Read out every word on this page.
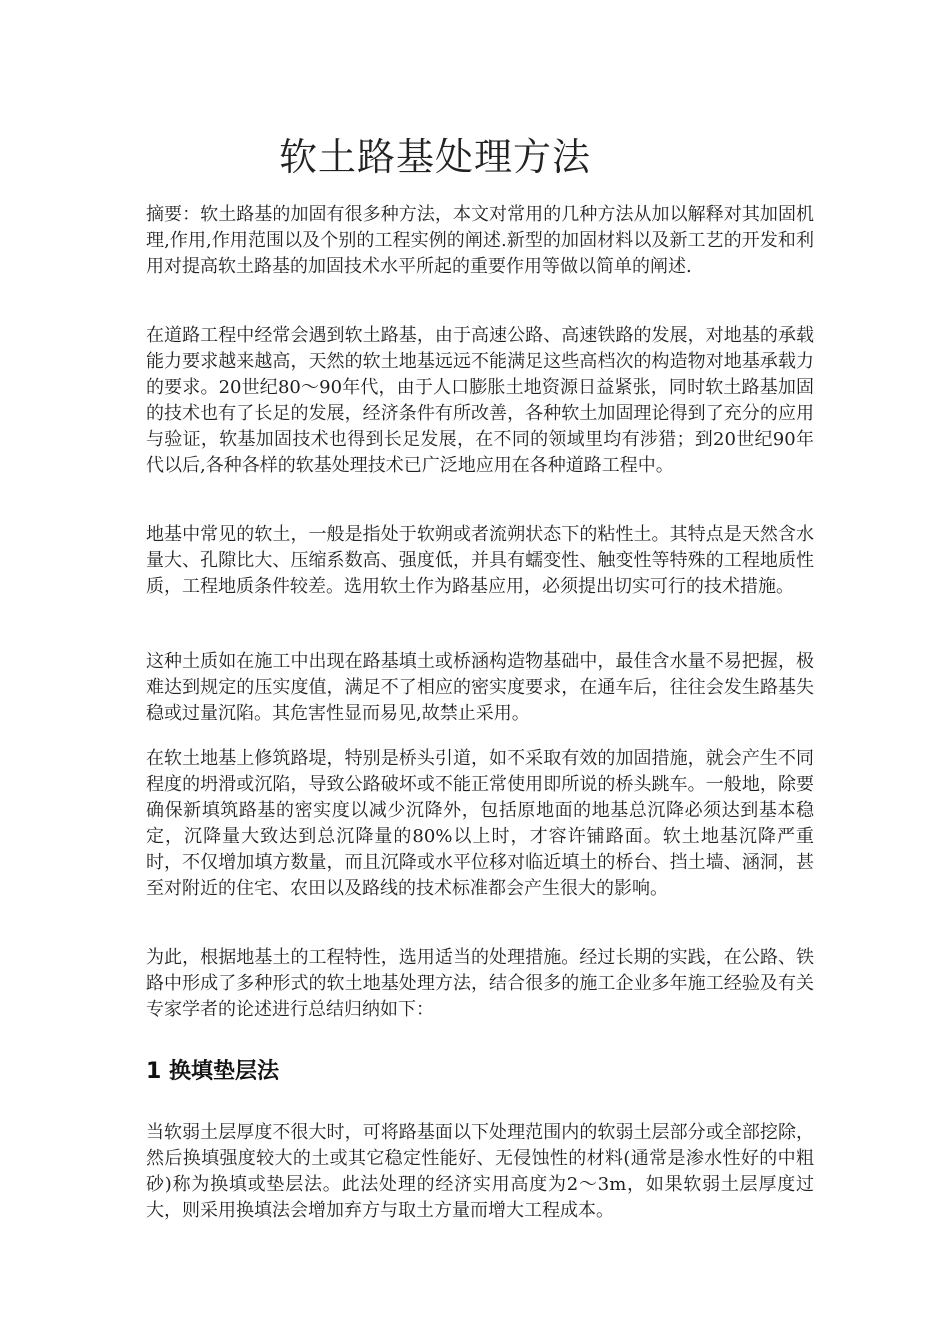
软土路基处理方法

摘要：软土路基的加固有很多种方法，本文对常用的几种方法从加以解释对其加固机理,作用,作用范围以及个别的工程实例的阐述.新型的加固材料以及新工艺的开发和利用对提高软土路基的加固技术水平所起的重要作用等做以简单的阐述.

在道路工程中经常会遇到软土路基，由于高速公路、高速铁路的发展，对地基的承载能力要求越来越高，天然的软土地基远远不能满足这些高档次的构造物对地基承载力的要求。20世纪80～90年代，由于人口膨胀土地资源日益紧张，同时软土路基加固的技术也有了长足的发展，经济条件有所改善，各种软土加固理论得到了充分的应用与验证，软基加固技术也得到长足发展，在不同的领域里均有涉猎；到20世纪90年代以后,各种各样的软基处理技术已广泛地应用在各种道路工程中。

地基中常见的软土，一般是指处于软朔或者流朔状态下的粘性土。其特点是天然含水量大、孔隙比大、压缩系数高、强度低，并具有蠕变性、触变性等特殊的工程地质性质，工程地质条件较差。选用软土作为路基应用，必须提出切实可行的技术措施。

这种土质如在施工中出现在路基填土或桥涵构造物基础中，最佳含水量不易把握，极难达到规定的压实度值，满足不了相应的密实度要求，在通车后，往往会发生路基失稳或过量沉陷。其危害性显而易见,故禁止采用。

在软土地基上修筑路堤，特别是桥头引道，如不采取有效的加固措施，就会产生不同程度的坍滑或沉陷，导致公路破坏或不能正常使用即所说的桥头跳车。一般地，除要确保新填筑路基的密实度以减少沉降外，包括原地面的地基总沉降必须达到基本稳定，沉降量大致达到总沉降量的80%以上时，才容许铺路面。软土地基沉降严重时，不仅增加填方数量，而且沉降或水平位移对临近填土的桥台、挡土墙、涵洞，甚至对附近的住宅、农田以及路线的技术标准都会产生很大的影响。

为此，根据地基土的工程特性，选用适当的处理措施。经过长期的实践，在公路、铁路中形成了多种形式的软土地基处理方法，结合很多的施工企业多年施工经验及有关专家学者的论述进行总结归纳如下：

1 换填垫层法

当软弱土层厚度不很大时，可将路基面以下处理范围内的软弱土层部分或全部挖除，然后换填强度较大的土或其它稳定性能好、无侵蚀性的材料(通常是渗水性好的中粗砂)称为换填或垫层法。此法处理的经济实用高度为2～3m，如果软弱土层厚度过大，则采用换填法会增加弃方与取土方量而增大工程成本。
